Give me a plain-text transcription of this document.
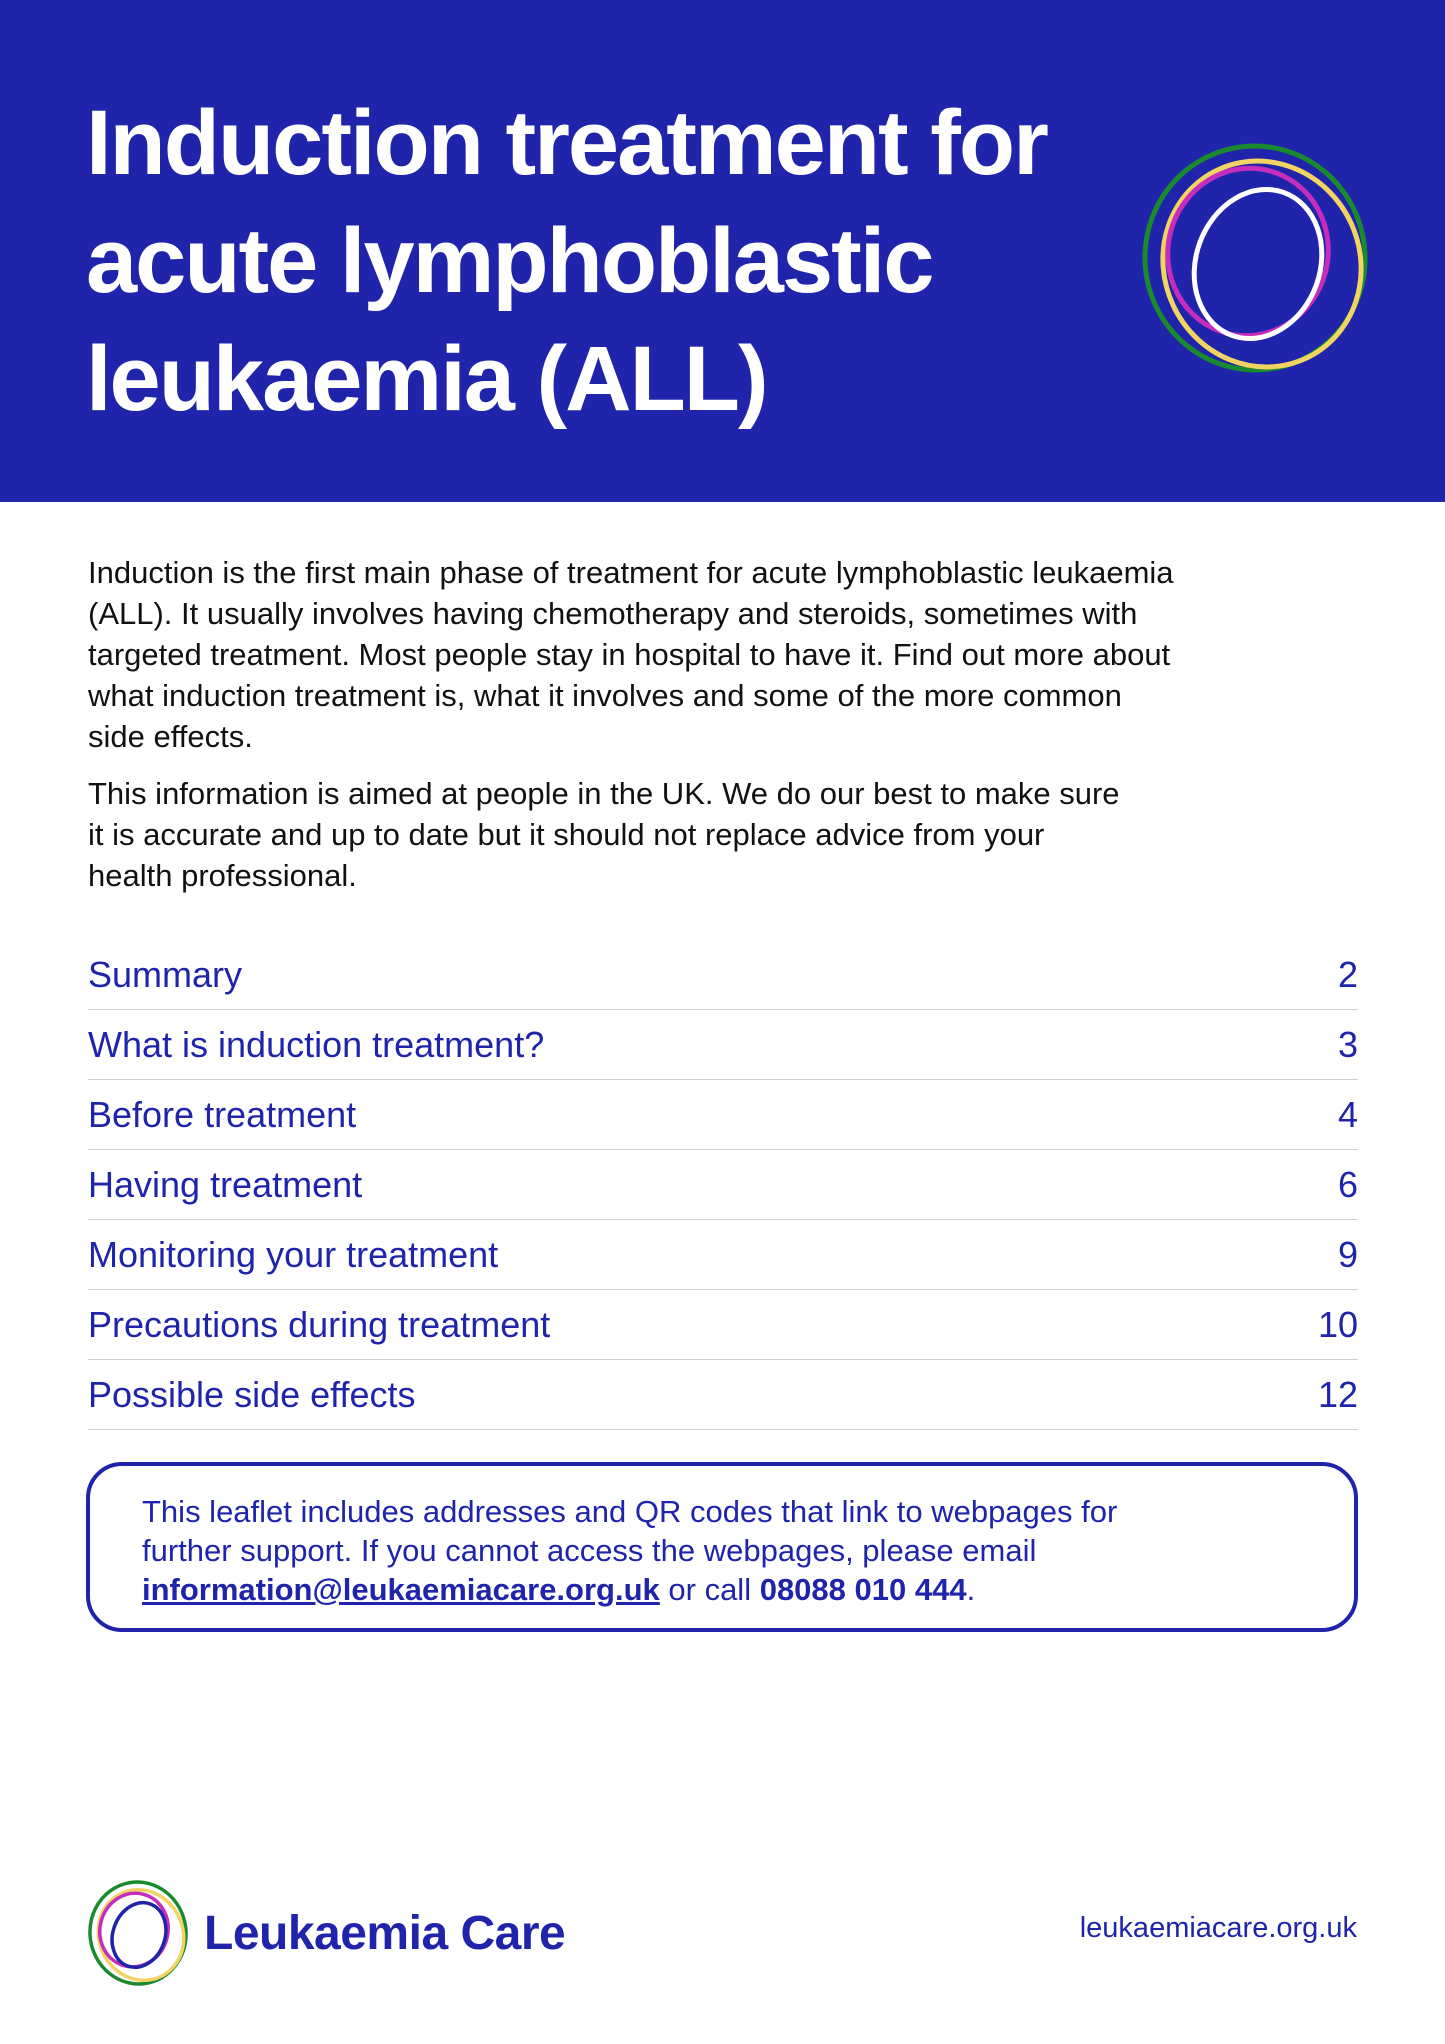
Induction treatment for
acute lymphoblastic
leukaemia (ALL)

Induction is the first main phase of treatment for acute lymphoblastic leukaemia
(ALL). It usually involves having chemotherapy and steroids, sometimes with
targeted treatment. Most people stay in hospital to have it. Find out more about
what induction treatment is, what it involves and some of the more common
side effects.

This information is aimed at people in the UK. We do our best to make sure
it is accurate and up to date but it should not replace advice from your
health professional.

Summary	2
What is induction treatment?	3
Before treatment	4
Having treatment	6
Monitoring your treatment	9
Precautions during treatment	10
Possible side effects	12
This leaflet includes addresses and QR codes that link to webpages for
further support. If you cannot access the webpages, please email
information@leukaemiacare.org.uk or call 08088 010 444.
Leukaemia Care	leukaemiacare.org.uk
